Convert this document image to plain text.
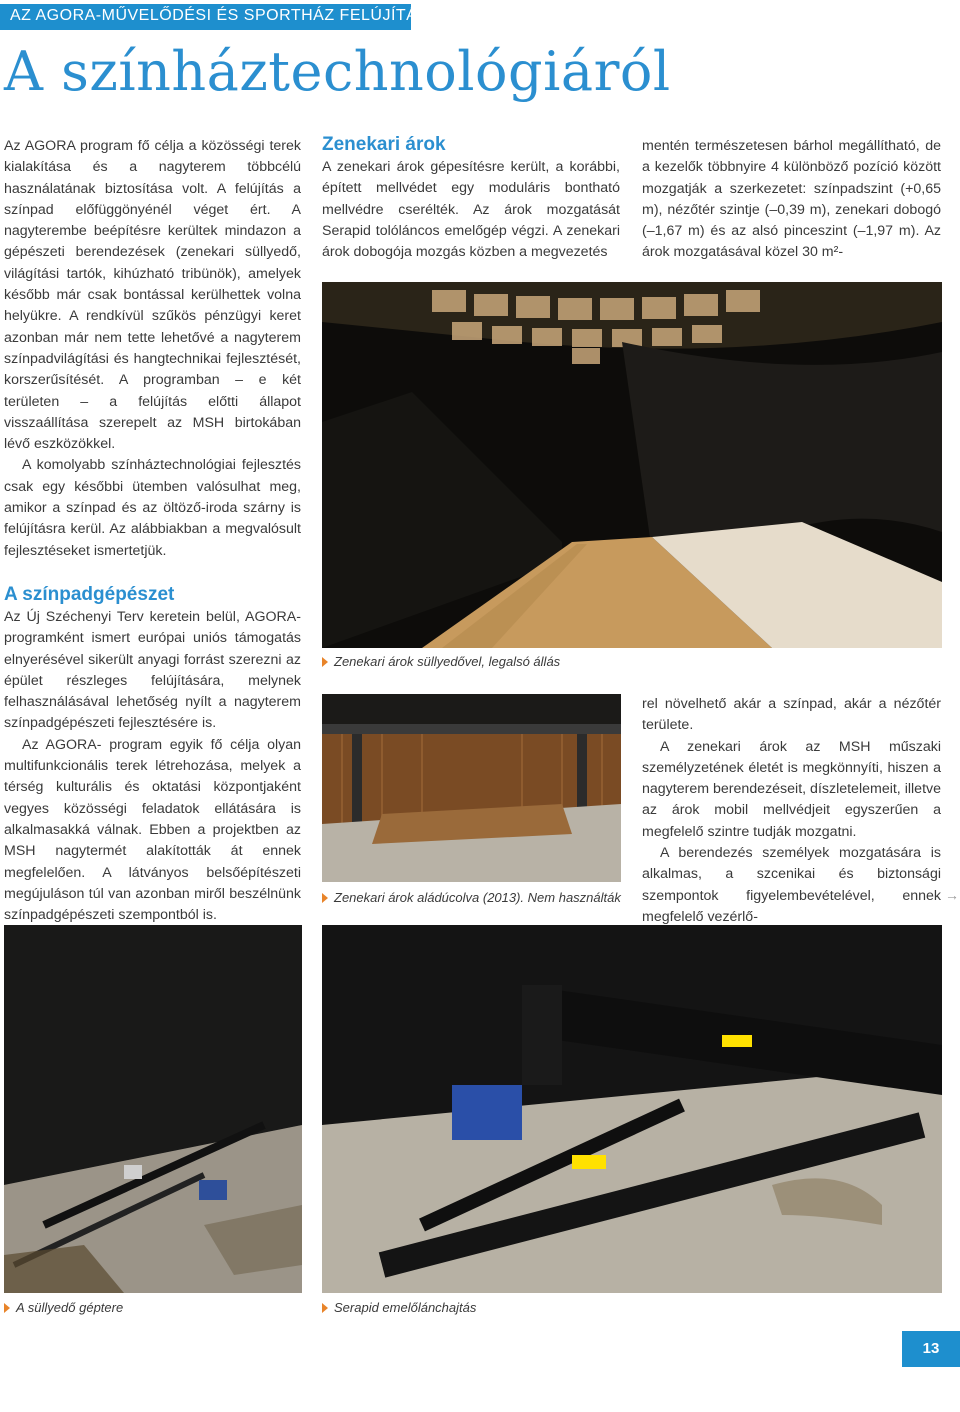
AZ AGORA-MŰVELŐDÉSI ÉS SPORTHÁZ FELÚJÍTÁSA
A színháztechnológiáról

Az AGORA program fő célja a közösségi terek kialakítása és a nagyterem többcélú használatának biztosítása volt. A felújítás a színpad előfüggönyénél véget ért. A nagyterembe beépítésre kerültek mindazon a gépészeti berendezések (zenekari süllyedő, világítási tartók, kihúzható tribünök), amelyek később már csak bontással kerülhettek volna helyükre. A rendkívül szűkös pénzügyi keret azonban már nem tette lehetővé a nagyterem színpadvilágítási és hangtechnikai fejlesztését, korszerűsítését. A programban – e két területen – a felújítás előtti állapot visszaállítása szerepelt az MSH birtokában lévő eszközökkel.

A komolyabb színháztechnológiai fejlesztés csak egy későbbi ütemben valósulhat meg, amikor a színpad és az öltöző-iroda szárny is felújításra kerül. Az alábbiakban a megvalósult fejlesztéseket ismertetjük.

A színpadgépészet

Az Új Széchenyi Terv keretein belül, AGORA-programként ismert európai uniós támogatás elnyerésével sikerült anyagi forrást szerezni az épület részleges felújítására, melynek felhasználásával lehetőség nyílt a nagyterem színpadgépészeti fejlesztésére is.

Az AGORA- program egyik fő célja olyan multifunkcionális terek létrehozása, melyek a térség kulturális és oktatási központjaként vegyes közösségi feladatok ellátására is alkalmasakká válnak. Ebben a projektben az MSH nagytermét alakították át ennek megfelelően. A látványos belsőépítészeti megújuláson túl van azonban miről beszélnünk színpadgépészeti szempontból is.

Zenekari árok

A zenekari árok gépesítésre került, a korábbi, épített mellvédet egy moduláris bontható mellvédre cserélték. Az árok mozgatását Serapid tolóláncos emelőgép végzi. A zenekari árok dobogója mozgás közben a megvezetés

mentén természetesen bárhol megállítható, de a kezelők többnyire 4 különböző pozíció között mozgatják a szerkezetet: színpadszint (+0,65 m), nézőtér szintje (–0,39 m), zenekari dobogó (–1,67 m) és az alsó pinceszint (–1,97 m). Az árok mozgatásával közel 30 m²-

Zenekari árok süllyedővel, legalsó állás
Zenekari árok aládúcolva (2013). Nem használták

rel növelhető akár a színpad, akár a nézőtér területe.

A zenekari árok az MSH műszaki személyzetének életét is megkönnyíti, hiszen a nagyterem berendezéseit, díszletelemeit, illetve az árok mobil mellvédjeit egyszerűen a megfelelő szintre tudják mozgatni.

A berendezés személyek mozgatására is alkalmas, a szcenikai és biztonsági szempontok figyelembevételével, ennek megfelelő vezérlő-

→
A süllyedő géptere	Serapid emelőlánchajtás
13
